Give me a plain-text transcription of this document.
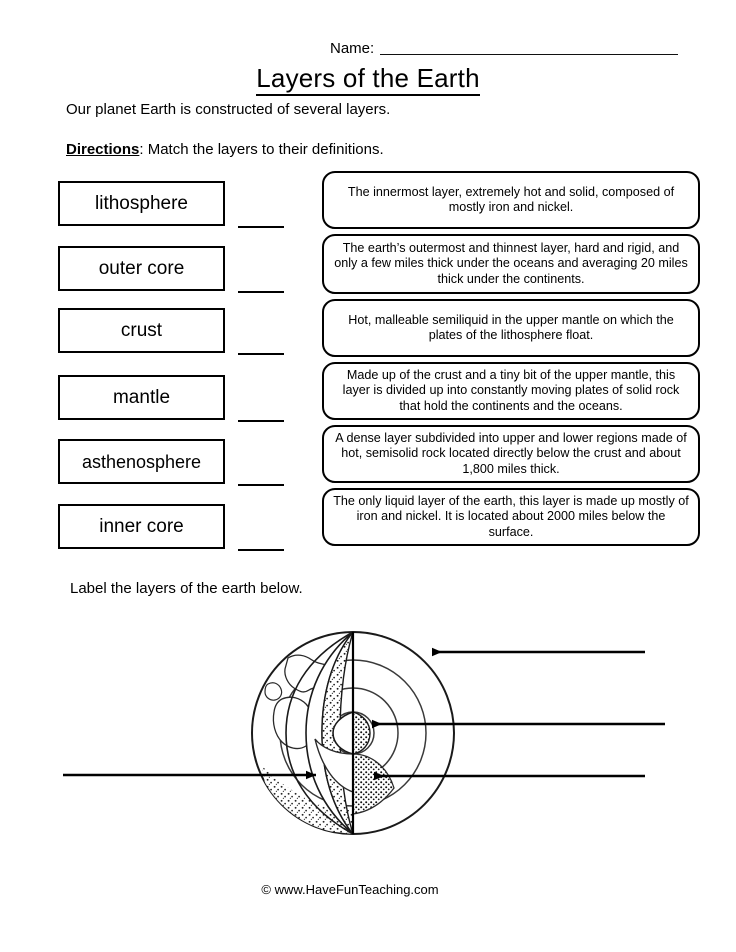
Name:
Layers of the Earth
Our planet Earth is constructed of several layers.
Directions: Match the layers to their definitions.
lithosphere
The innermost layer, extremely hot and solid, composed of mostly iron and nickel.
outer core
The earth’s outermost and thinnest layer, hard and rigid, and only a few miles thick under the oceans and averaging 20 miles thick under the continents.
crust	Hot, malleable semiliquid in the upper mantle on which the plates of the lithosphere float.
mantle
Made up of the crust and a tiny bit of the upper mantle, this layer is divided up into constantly moving plates of solid rock that hold the continents and the oceans.
asthenosphere
A dense layer subdivided into upper and lower regions made of hot, semisolid rock located directly below the crust and about 1,800 miles thick.
inner core
The only liquid layer of the earth, this layer is made up mostly of iron and nickel. It is located about 2000 miles below the surface.
Label the layers of the earth below.
© www.HaveFunTeaching.com
